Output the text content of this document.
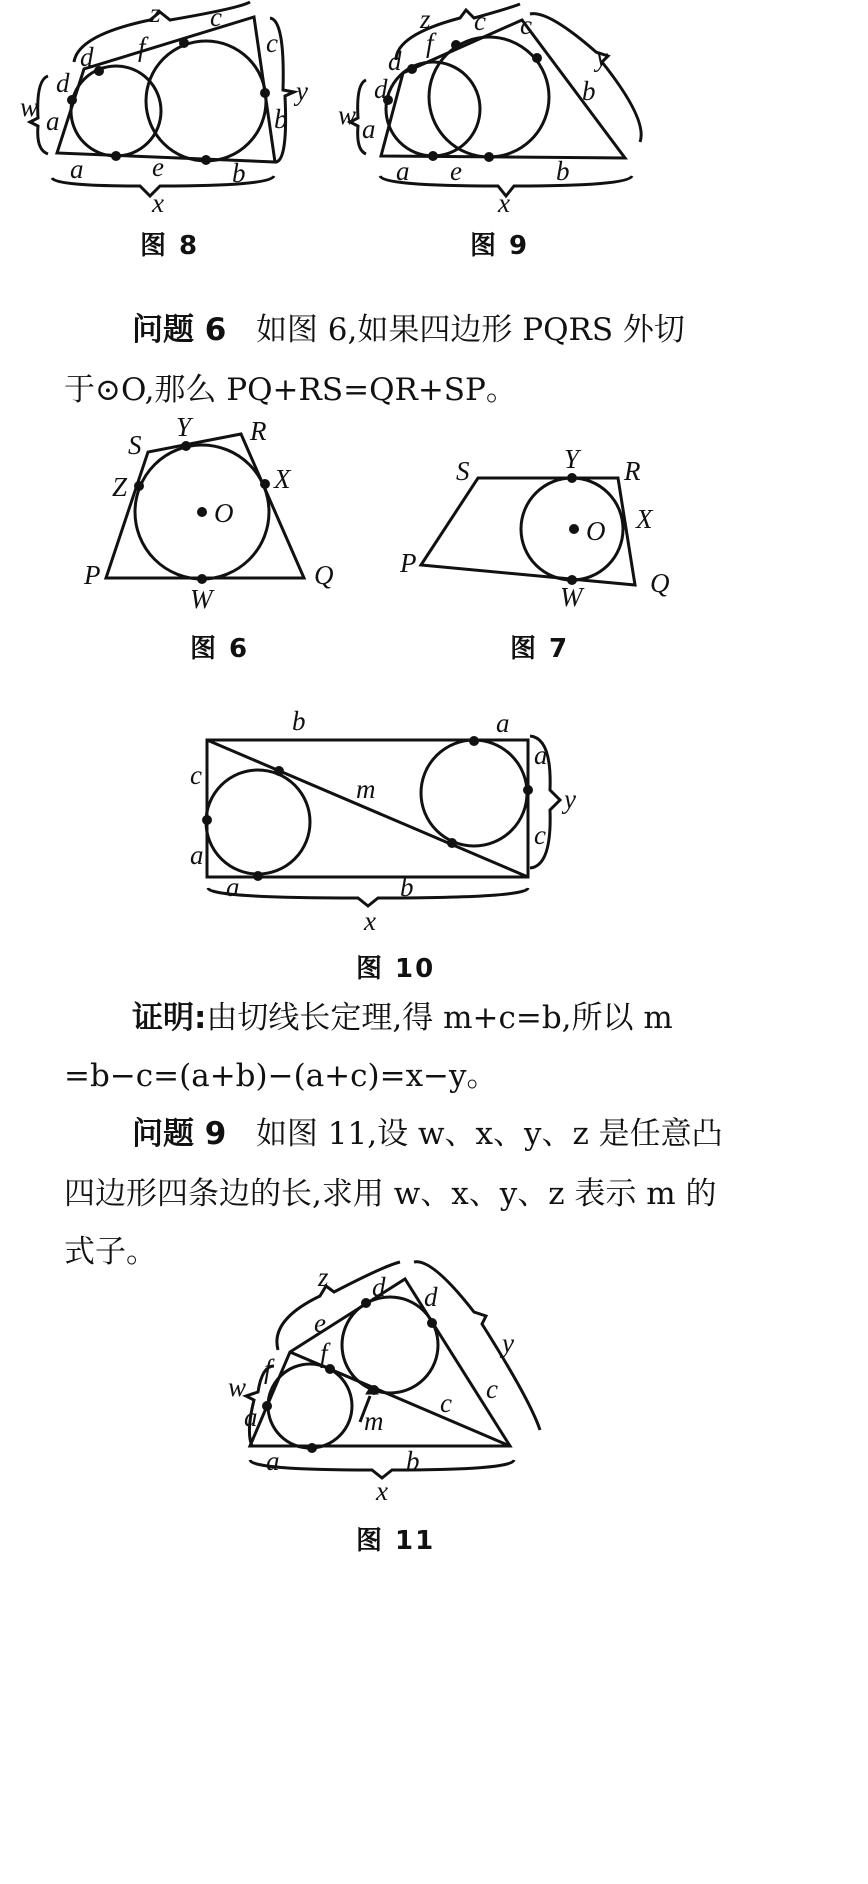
z c
f
d
d
c
y
w a	b
a	e	b
x
图 8
z c
f
d
d
y
c
b
w a
a e	b
x
图 9
问题 6 如图 6,如果四边形 PQRS 外切
于⊙O,那么 PQ+RS=QR+SP。
S
Y R
Z	X
O
P
W
Q
图 6
S	Y R
X
O
P
W	Q
图 7
b	a
a
y
c	m
c
a
a	b
x
图 10
证明:由切线长定理,得 m+c=b,所以 m
=b−c=(a+b)−(a+c)=x−y。
问题 9 如图 11,设 w、x、y、z 是任意凸
四边形四条边的长,求用 w、x、y、z 表示 m 的
式子。
z d d
e
y
f
w
f
c
c
a	m
a	b
x
图 11
